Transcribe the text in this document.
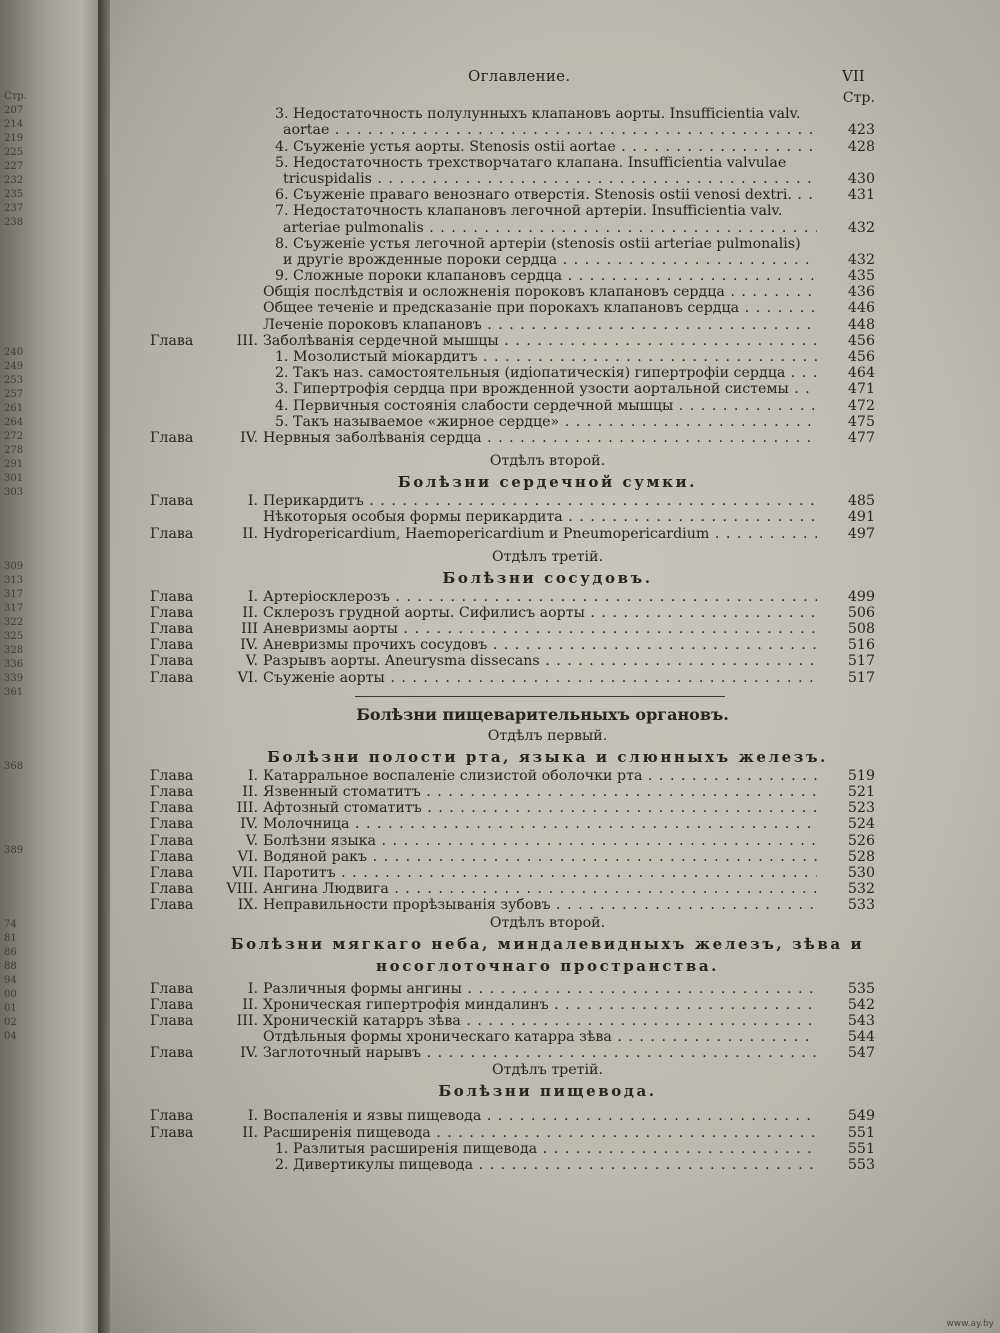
Стр.
207
214
219
225
227
232
235
237
238
240
249
253
257
261
264
272
278
291
301
303
309
313
317
317
322
325
328
336
339
361
368
389
74
81
86
88
94
00
01
02
04
Оглавление.	VII
Стр.
3. Недостаточность полулунныхъ клапановъ аорты. Insufficientia valv.
aortae . . .	423
4. Съуженіе устья аорты. Stenosis ostii aortae . . .	428
5. Недостаточность трехстворчатаго клапана. Insufficientia valvulae
tricuspidalis . . .	430
6. Съуженіе праваго венознаго отверстія. Stenosis ostii venosi dextri. . . .	431
7. Недостаточность клапановъ легочной артеріи. Insufficientia valv.
arteriae pulmonalis . . .	432
8. Съуженіе устья легочной артеріи (stenosis ostii arteriae pulmonalis)
и другіе врожденные пороки сердца . . .	432
9. Сложные пороки клапановъ сердца . . .	435
Общія послѣдствія и осложненія пороковъ клапановъ сердца . . .	436
Общее теченіе и предсказаніе при порокахъ клапановъ сердца . . .	446
Леченіе пороковъ клапановъ . . .	448
Глава	III. Заболѣванія сердечной мышцы . . .	456
1. Мозолистый міокардитъ . . .	456
2. Такъ наз. самостоятельныя (идіопатическія) гипертрофіи сердца . . .	464
3. Гипертрофія сердца при врожденной узости аортальной системы . . .	471
4. Первичныя состоянія слабости сердечной мышцы . . .	472
5. Такъ называемое «жирное сердце» . . .	475
Глава	IV. Нервныя заболѣванія сердца . . .	477
Отдѣлъ второй.
Болѣзни сердечной сумки.
Глава	I. Перикардитъ . . .	485
Нѣкоторыя особыя формы перикардита . . .	491
Глава	II. Hydropericardium, Haemopericardium и Pneumopericardium . . .	497
Отдѣлъ третій.
Болѣзни сосудовъ.
Глава	I. Артеріосклерозъ . . .	499
Глава	II. Склерозъ грудной аорты. Сифилисъ аорты . . .	506
Глава	III Аневризмы аорты . . .	508
Глава	IV. Аневризмы прочихъ сосудовъ . . .	516
Глава	V. Разрывъ аорты. Aneurysma dissecans . . .	517
Глава	VI. Съуженіе аорты . . .	517
Болѣзни пищеварительныхъ органовъ.
Отдѣлъ первый.
Болѣзни полости рта, языка и слюнныхъ железъ.
Глава	I. Катарральное воспаленіе слизистой оболочки рта . . .	519
Глава	II. Язвенный стоматитъ . . .	521
Глава	III. Афтозный стоматитъ . . .	523
Глава	IV. Молочница . . .	524
Глава	V. Болѣзни языка . . .	526
Глава	VI. Водяной ракъ . . .	528
Глава	VII. Паротитъ . . .	530
Глава	VIII. Ангина Людвига . . .	532
Глава	IX. Неправильности прорѣзыванія зубовъ . . .	533
Отдѣлъ второй.
Болѣзни мягкаго неба, миндалевидныхъ железъ, зѣва и
носоглоточнаго пространства.
Глава	I. Различныя формы ангины . . .	535
Глава	II. Хроническая гипертрофія миндалинъ . . .	542
Глава	III. Хроническій катарръ зѣва . . .	543
Отдѣльныя формы хроническаго катарра зѣва . . .	544
Глава	IV. Заглоточный нарывъ . . .	547
Отдѣлъ третій.
Болѣзни пищевода.
Глава	I. Воспаленія и язвы пищевода . . .	549
Глава	II. Расширенія пищевода . . .	551
1. Разлитыя расширенія пищевода . . .	551
2. Дивертикулы пищевода . . .	553
www.ay.by
